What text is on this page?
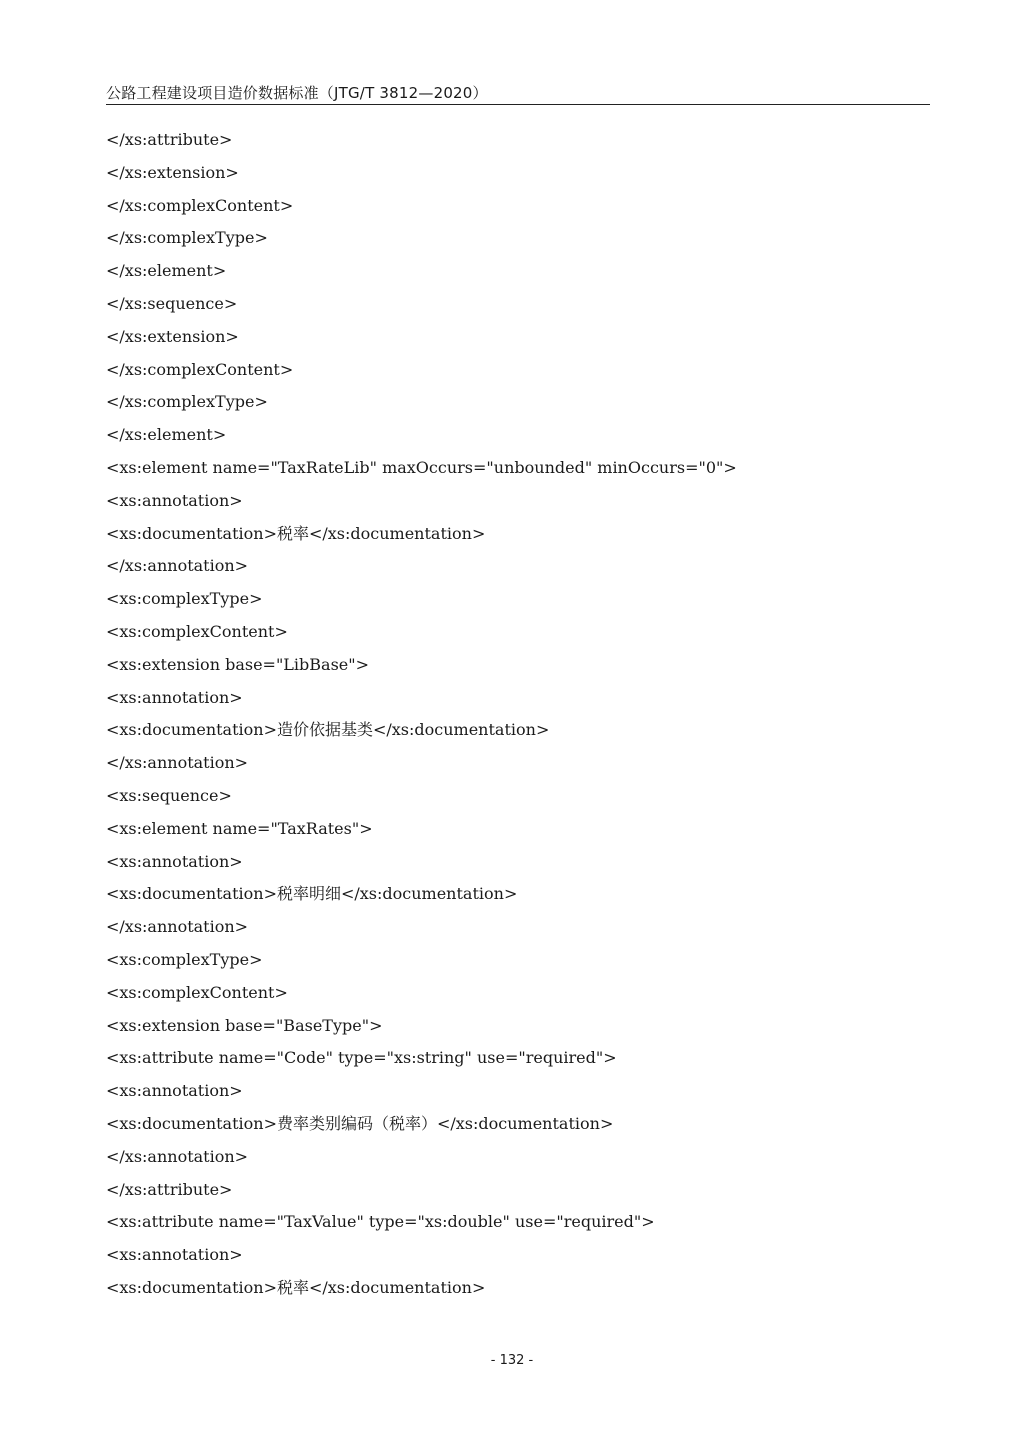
公路工程建设项目造价数据标准（JTG/T 3812—2020）
</xs:attribute>
</xs:extension>
</xs:complexContent>
</xs:complexType>
</xs:element>
</xs:sequence>
</xs:extension>
</xs:complexContent>
</xs:complexType>
</xs:element>
<xs:element name="TaxRateLib" maxOccurs="unbounded" minOccurs="0">
<xs:annotation>
<xs:documentation>税率</xs:documentation>
</xs:annotation>
<xs:complexType>
<xs:complexContent>
<xs:extension base="LibBase">
<xs:annotation>
<xs:documentation>造价依据基类</xs:documentation>
</xs:annotation>
<xs:sequence>
<xs:element name="TaxRates">
<xs:annotation>
<xs:documentation>税率明细</xs:documentation>
</xs:annotation>
<xs:complexType>
<xs:complexContent>
<xs:extension base="BaseType">
<xs:attribute name="Code" type="xs:string" use="required">
<xs:annotation>
<xs:documentation>费率类别编码（税率）</xs:documentation>
</xs:annotation>
</xs:attribute>
<xs:attribute name="TaxValue" type="xs:double" use="required">
<xs:annotation>
<xs:documentation>税率</xs:documentation>
- 132 -
